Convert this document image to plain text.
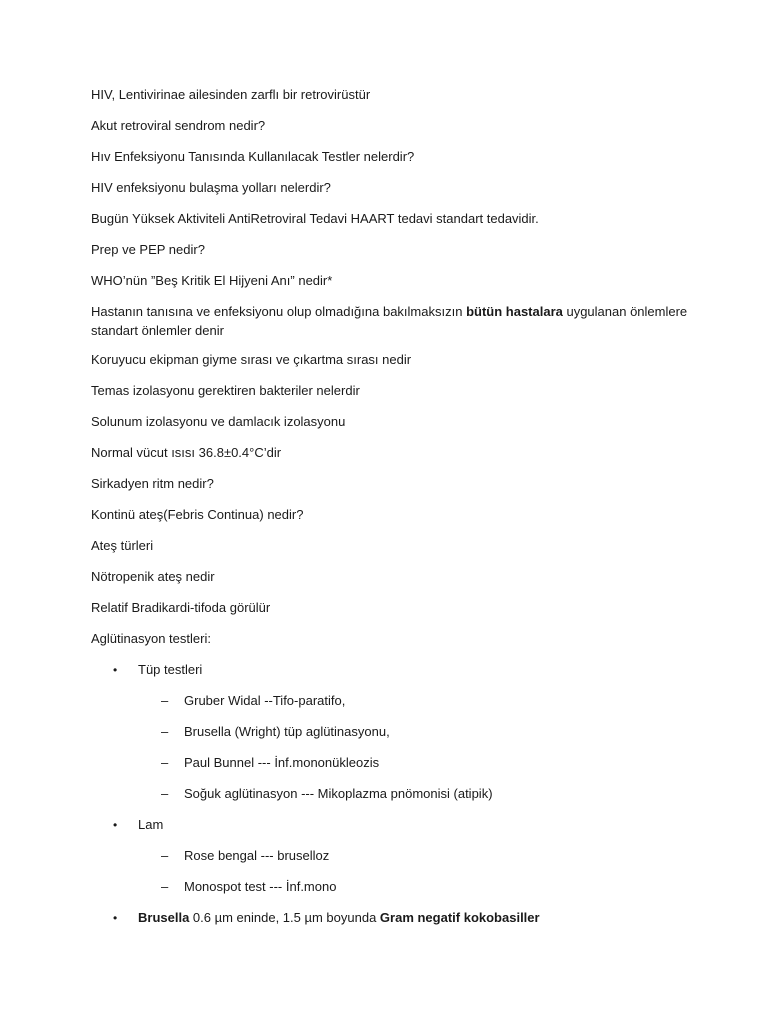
HIV, Lentivirinae ailesinden zarflı bir retrovirüstür

Akut retroviral sendrom nedir?

Hıv Enfeksiyonu Tanısında Kullanılacak Testler nelerdir?

HIV enfeksiyonu bulaşma yolları nelerdir?

Bugün Yüksek Aktiviteli AntiRetroviral Tedavi HAART tedavi standart tedavidir.

Prep ve PEP nedir?

WHO’nün ”Beş Kritik El Hijyeni Anı” nedir*

Hastanın tanısına ve enfeksiyonu olup olmadığına bakılmaksızın bütün hastalara uygulanan önlemlere standart önlemler denir

Koruyucu ekipman giyme sırası ve çıkartma sırası nedir

Temas izolasyonu gerektiren bakteriler nelerdir

Solunum izolasyonu ve damlacık izolasyonu

Normal vücut ısısı 36.8±0.4°C’dir

Sirkadyen ritm nedir?

Kontinü ateş(Febris Continua) nedir?

Ateş türleri

Nötropenik ateş nedir

Relatif Bradikardi-tifoda görülür

Aglütinasyon testleri:

• Tüp testleri
– Gruber Widal --Tifo-paratifo,
– Brusella (Wright) tüp aglütinasyonu,
– Paul Bunnel --- İnf.mononükleozis
– Soğuk aglütinasyon --- Mikoplazma pnömonisi (atipik)
• Lam
– Rose bengal --- bruselloz
– Monospot test --- İnf.mono
• Brusella 0.6 µm eninde, 1.5 µm boyunda Gram negatif kokobasiller
